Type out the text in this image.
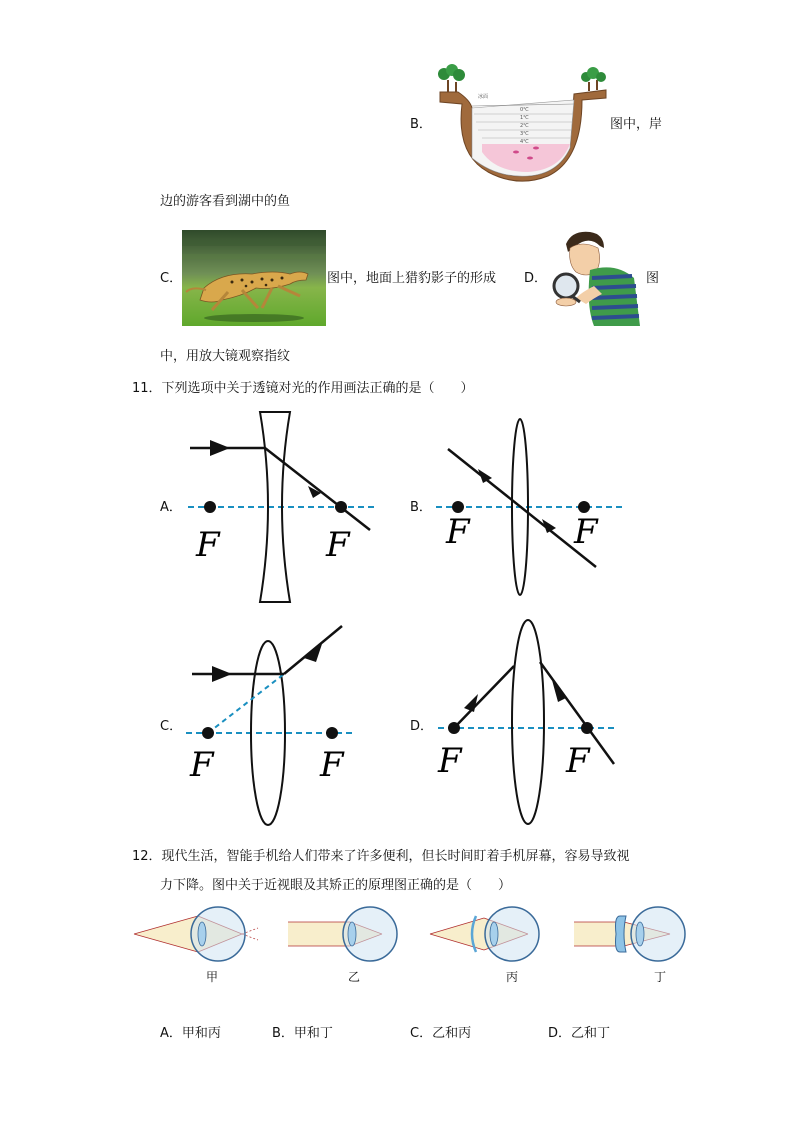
B．
冰面
0℃
1℃
2℃
3℃
4℃
图中，岸
边的游客看到湖中的鱼
C．	图中，地面上猎豹影子的形成 D．	图
中，用放大镜观察指纹
11．下列选项中关于透镜对光的作用画法正确的是（　　）
A．
F	F
B．
F	F
C．
F	F
D．
F	F
12．现代生活，智能手机给人们带来了许多便利，但长时间盯着手机屏幕，容易导致视
力下降。图中关于近视眼及其矫正的原理图正确的是（　　）
甲	乙	丙	丁
A．甲和丙	B．甲和丁	C．乙和丙	D．乙和丁
